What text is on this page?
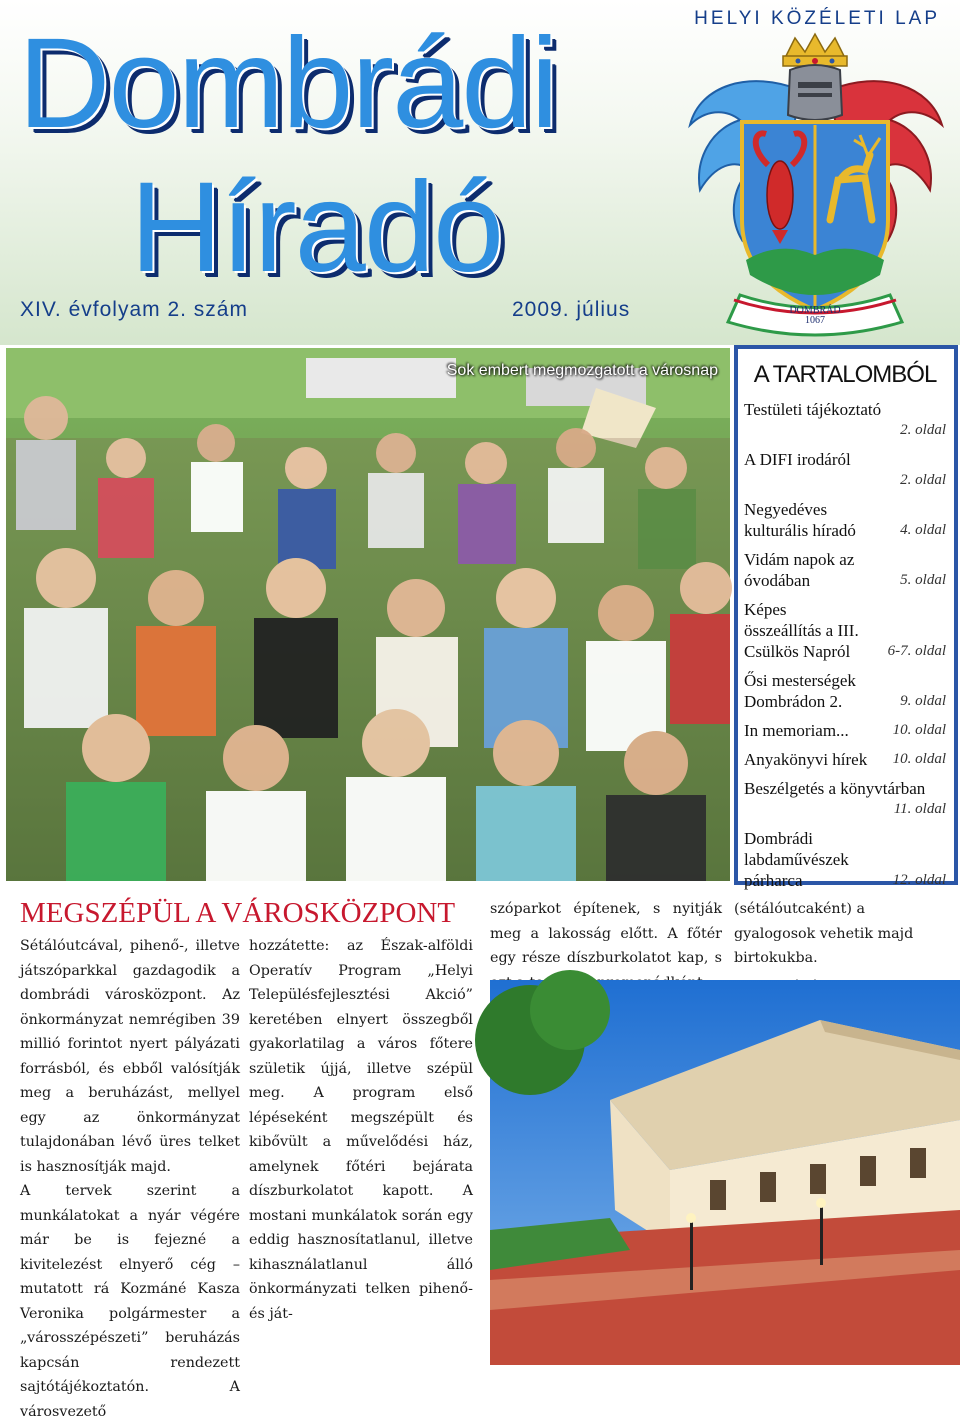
HELYI KÖZÉLETI LAP
Dombrádi
Híradó
XIV. évfolyam 2. szám	2009. július	DOMBRÁD
1067
Sok embert megmozgatott a városnap	A TARTALOMBÓL
Testületi tájékoztató
2. oldal
A DIFI irodáról
2. oldal
Negyedéves kulturális híradó	4. oldal
Vidám napok az óvodában	5. oldal
Képes összeállítás a III. Csülkös Napról 6-7. oldal
Ősi mesterségek Dombrádon 2.	9. oldal
In memoriam...	10. oldal
Anyakönyvi hírek 10. oldal
Beszélgetés a könyvtárban
11. oldal
Dombrádi labdaművészek párharca	12. oldal
MEGSZÉPÜL A VÁROSKÖZPONT

Sétálóutcával, pihenő-, illetve játszóparkkal gazdagodik a dombrádi városközpont. Az önkormányzat nemrégiben 39 millió forintot nyert pályázati forrásból, és ebből valósítják meg a beruházást, mellyel egy az önkormányzat tulajdonában lévő üres telket is hasznosítják majd.

A tervek szerint a munkálatokat a nyár végére már be is fejezné a kivitelezést elnyerő cég – mutatott rá Kozmáné Kasza Veronika polgármester a „városszépészeti” beruházás kapcsán rendezett sajtótájékoztatón. A városvezető

hozzátette: az Észak-alföldi Operatív Program „Helyi Településfejlesztési Akció” keretében elnyert összegből gyakorlatilag a város főtere születik újjá, illetve szépül meg. A program első lépéseként megszépült és kibővült a művelődési ház, amelynek főtéri bejárata díszburkolatot kapott. A mostani munkálatok során egy eddig hasznosítatlanul, illetve kihasználatlanul álló önkormányzati telken pihenő- és ját-

szóparkot építenek, s nyitják meg a lakosság előtt. A főtér egy része díszburkolatot kap, s

(sétálóutcaként) a gyalogosok vehetik majd birtokukba.
